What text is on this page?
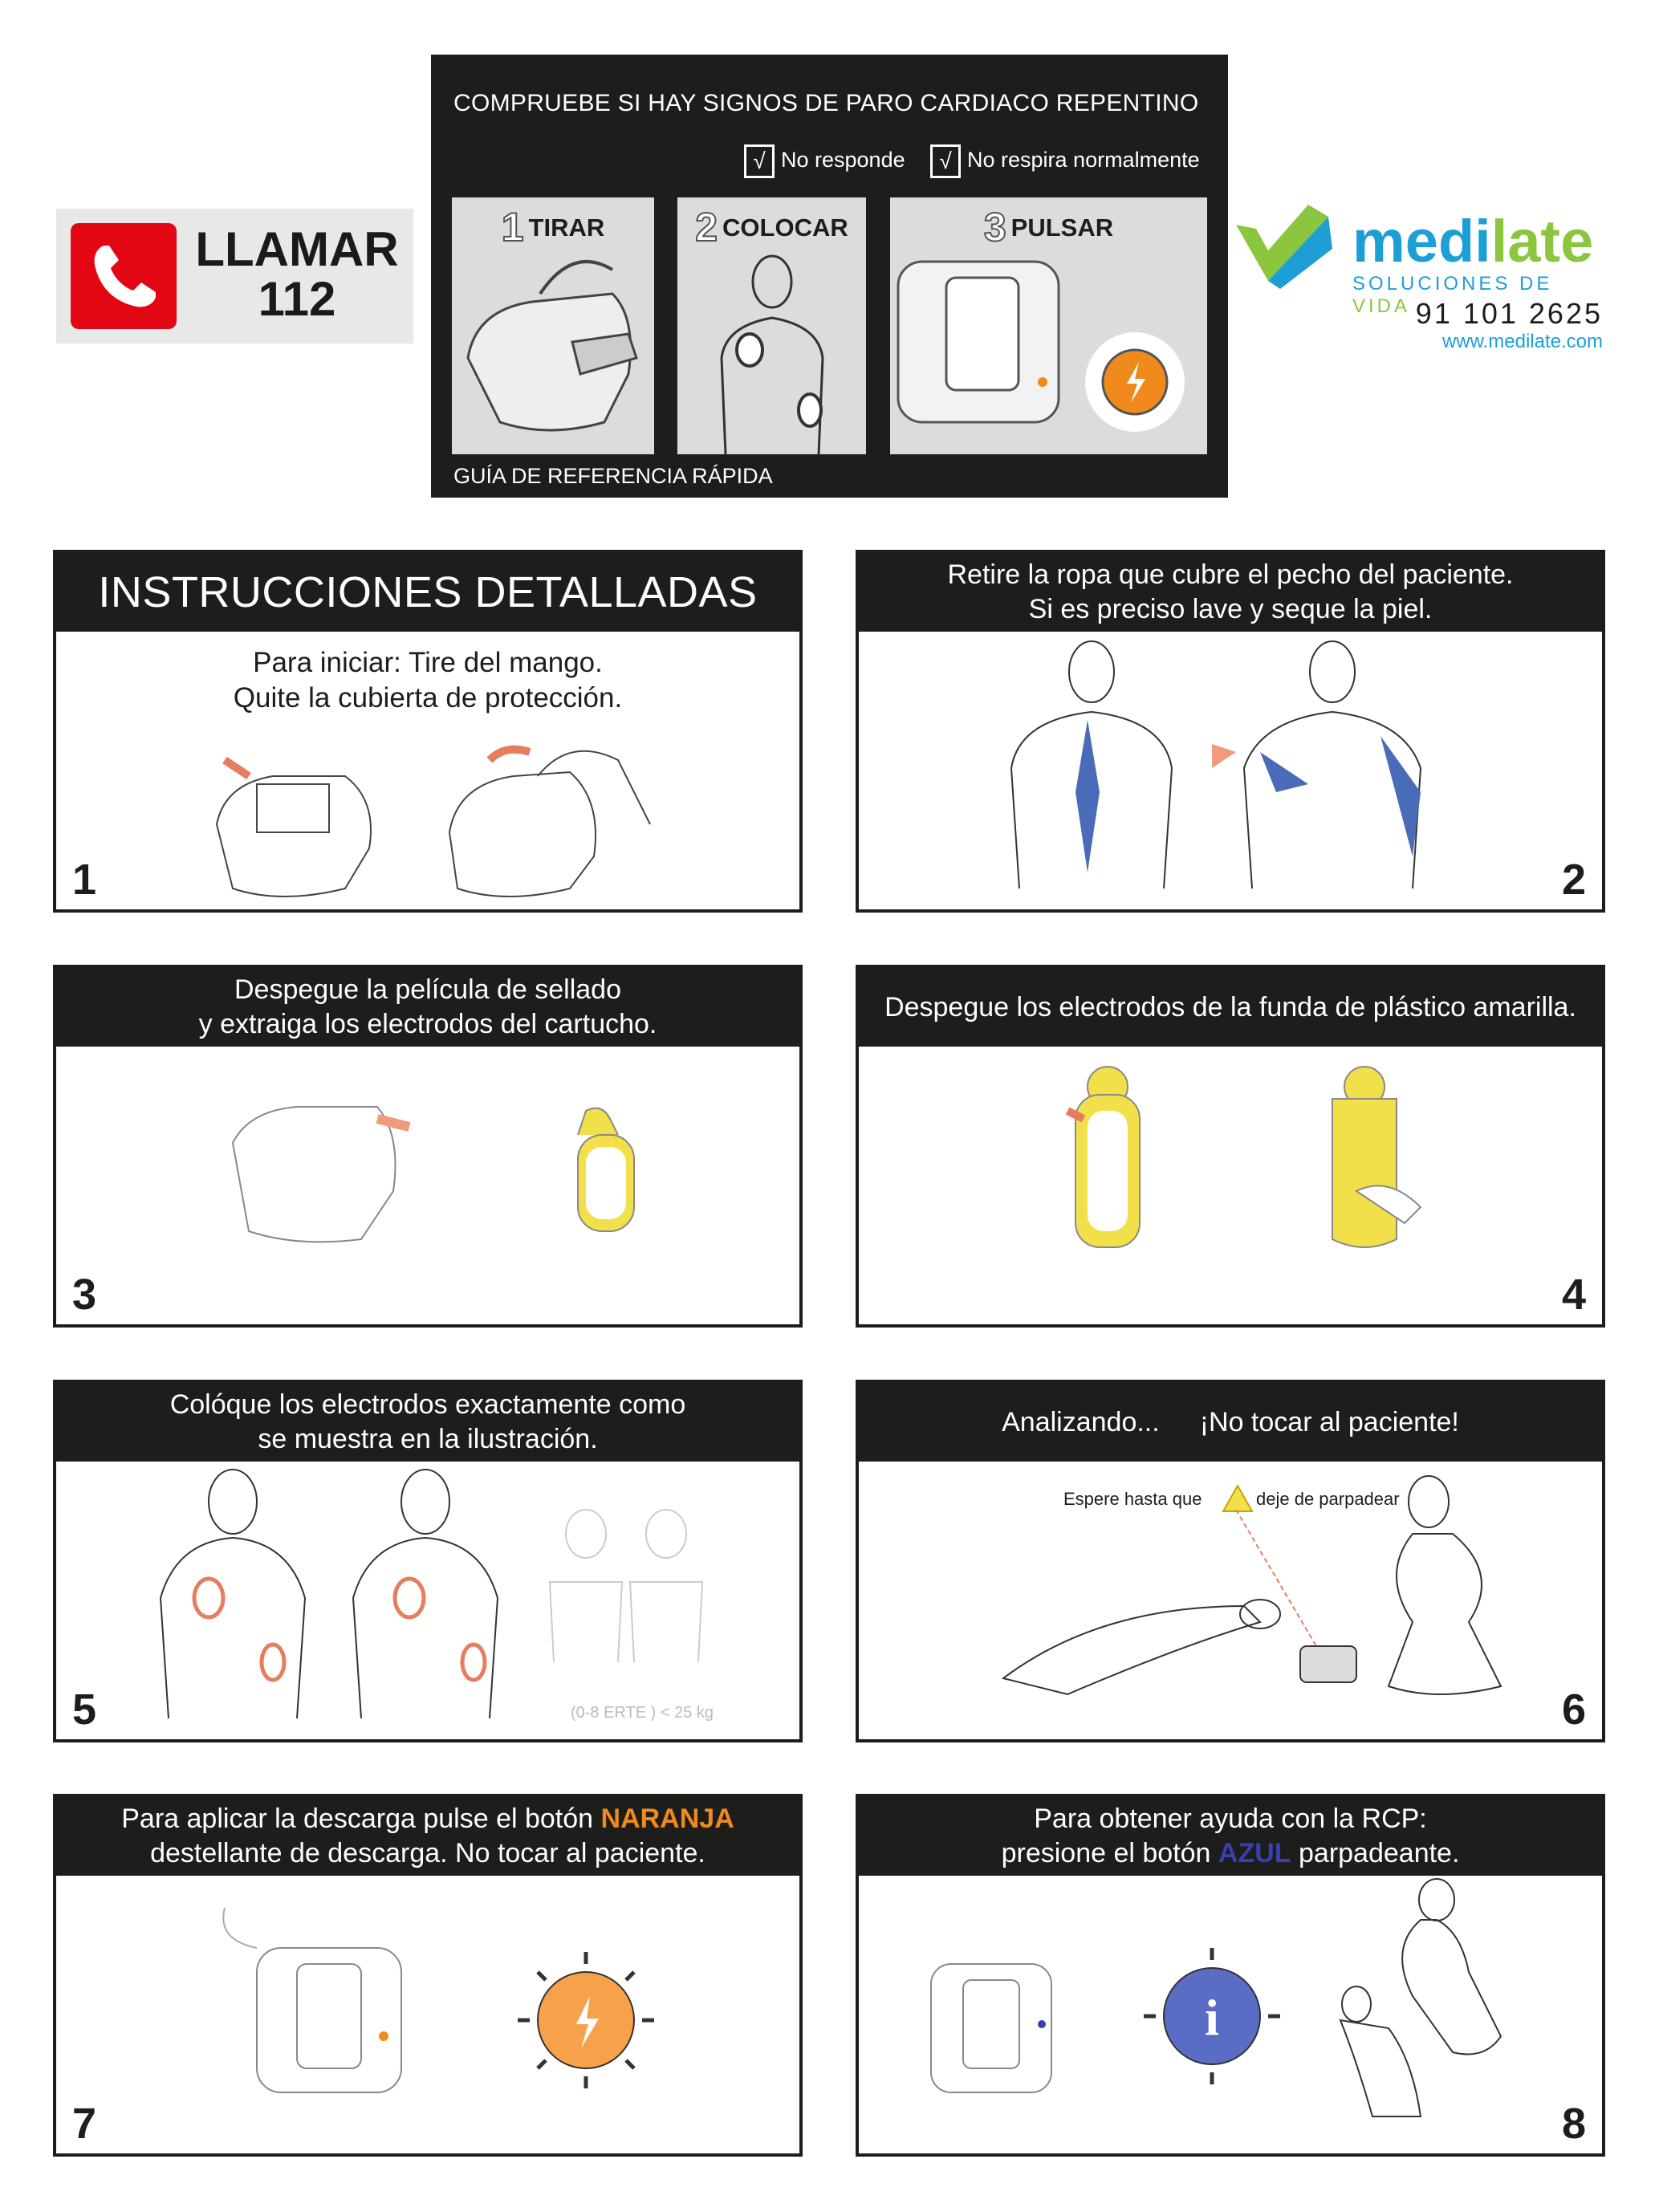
LLAMAR
112
COMPRUEBE SI HAY SIGNOS DE PARO CARDIACO REPENTINO
√ No responde	√ No respira normalmente
1 TIRAR	2 COLOCAR	3 PULSAR
GUÍA DE REFERENCIA RÁPIDA
medilate
SOLUCIONES DE VIDA 91 101 2625
www.medilate.com
INSTRUCCIONES DETALLADAS
Para iniciar: Tire del mango.
Quite la cubierta de protección.
1
Retire la ropa que cubre el pecho del paciente.
Si es preciso lave y seque la piel.
2
Despegue la película de sellado
y extraiga los electrodos del cartucho.
3
Despegue los electrodos de la funda de plástico amarilla.
4
Colóque los electrodos exactamente como
se muestra en la ilustración.
(0-8 ERTE ) < 25 kg
5
Analizando... ¡No tocar al paciente!
Espere hasta que	deje de parpadear
6
Para aplicar la descarga pulse el botón NARANJA
destellante de descarga. No tocar al paciente.
7
Para obtener ayuda con la RCP:
presione el botón AZUL parpadeante.
i
8
